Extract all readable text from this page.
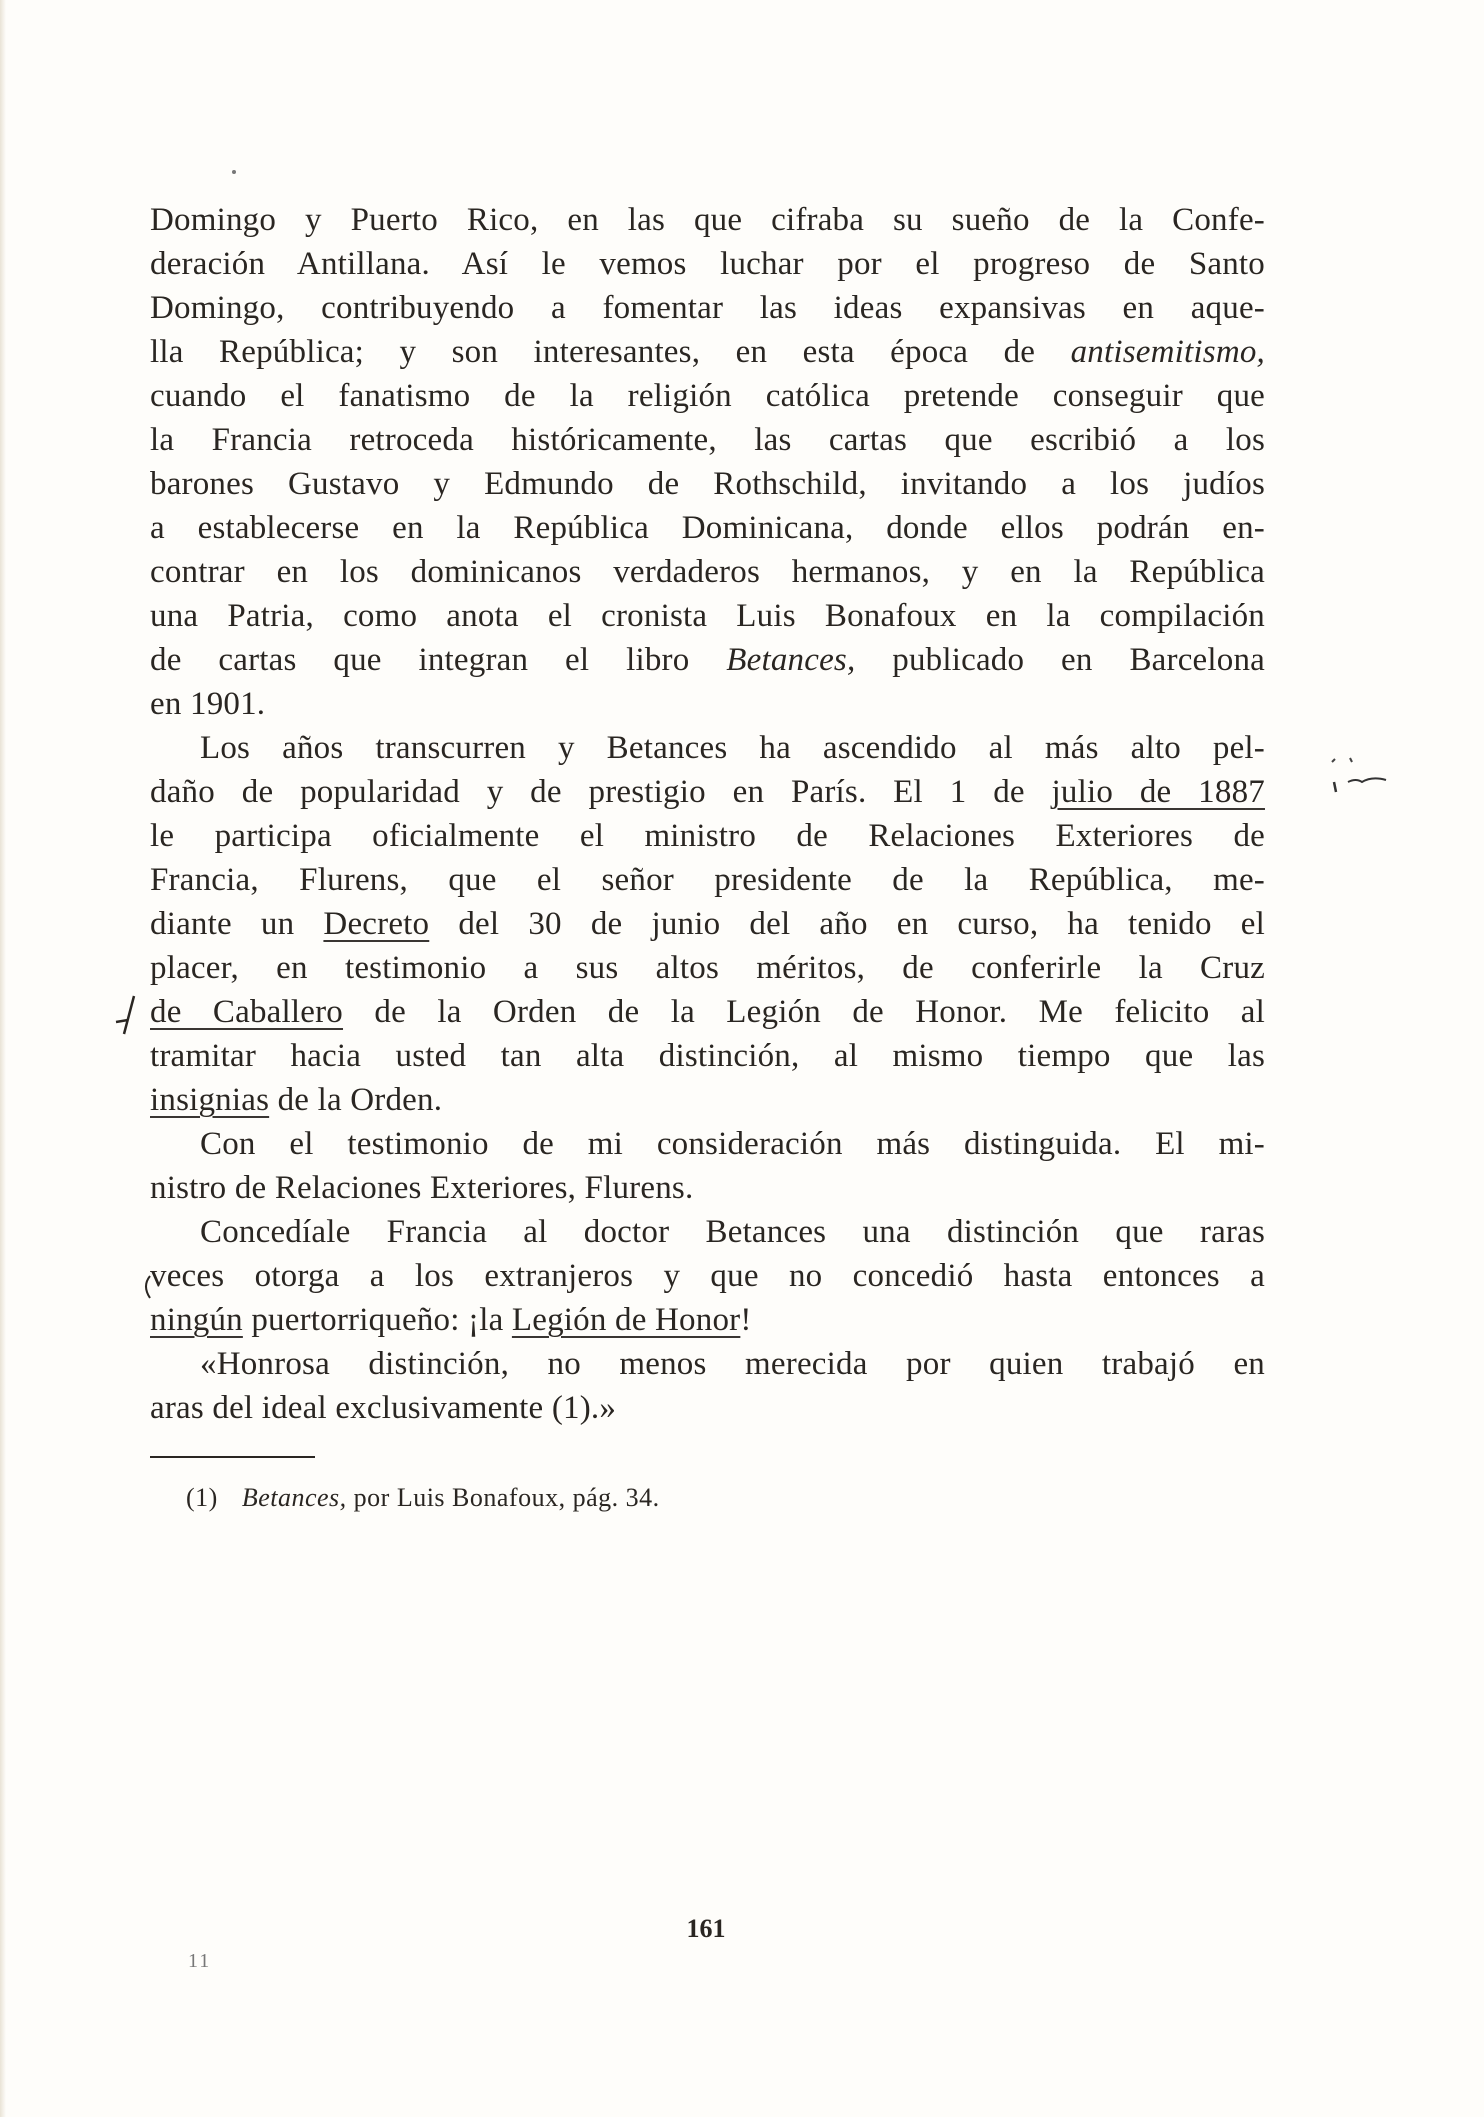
Domingo y Puerto Rico, en las que cifraba su sueño de la Confe-
deración Antillana. Así le vemos luchar por el progreso de Santo
Domingo, contribuyendo a fomentar las ideas expansivas en aque-
lla República; y son interesantes, en esta época de antisemitismo,
cuando el fanatismo de la religión católica pretende conseguir que
la Francia retroceda históricamente, las cartas que escribió a los
barones Gustavo y Edmundo de Rothschild, invitando a los judíos
a establecerse en la República Dominicana, donde ellos podrán en-
contrar en los dominicanos verdaderos hermanos, y en la República
una Patria, como anota el cronista Luis Bonafoux en la compilación
de cartas que integran el libro Betances, publicado en Barcelona
en 1901.
Los años transcurren y Betances ha ascendido al más alto pel-
daño de popularidad y de prestigio en París. El 1 de julio de 1887
le participa oficialmente el ministro de Relaciones Exteriores de
Francia, Flurens, que el señor presidente de la República, me-
diante un Decreto del 30 de junio del año en curso, ha tenido el
placer, en testimonio a sus altos méritos, de conferirle la Cruz
de Caballero de la Orden de la Legión de Honor. Me felicito al
tramitar hacia usted tan alta distinción, al mismo tiempo que las
insignias de la Orden.
Con el testimonio de mi consideración más distinguida. El mi-
nistro de Relaciones Exteriores, Flurens.
Concedíale Francia al doctor Betances una distinción que raras
veces otorga a los extranjeros y que no concedió hasta entonces a
ningún puertorriqueño: ¡la Legión de Honor!
«Honrosa distinción, no menos merecida por quien trabajó en
aras del ideal exclusivamente (1).»
(1) Betances, por Luis Bonafoux, pág. 34.
161
11
